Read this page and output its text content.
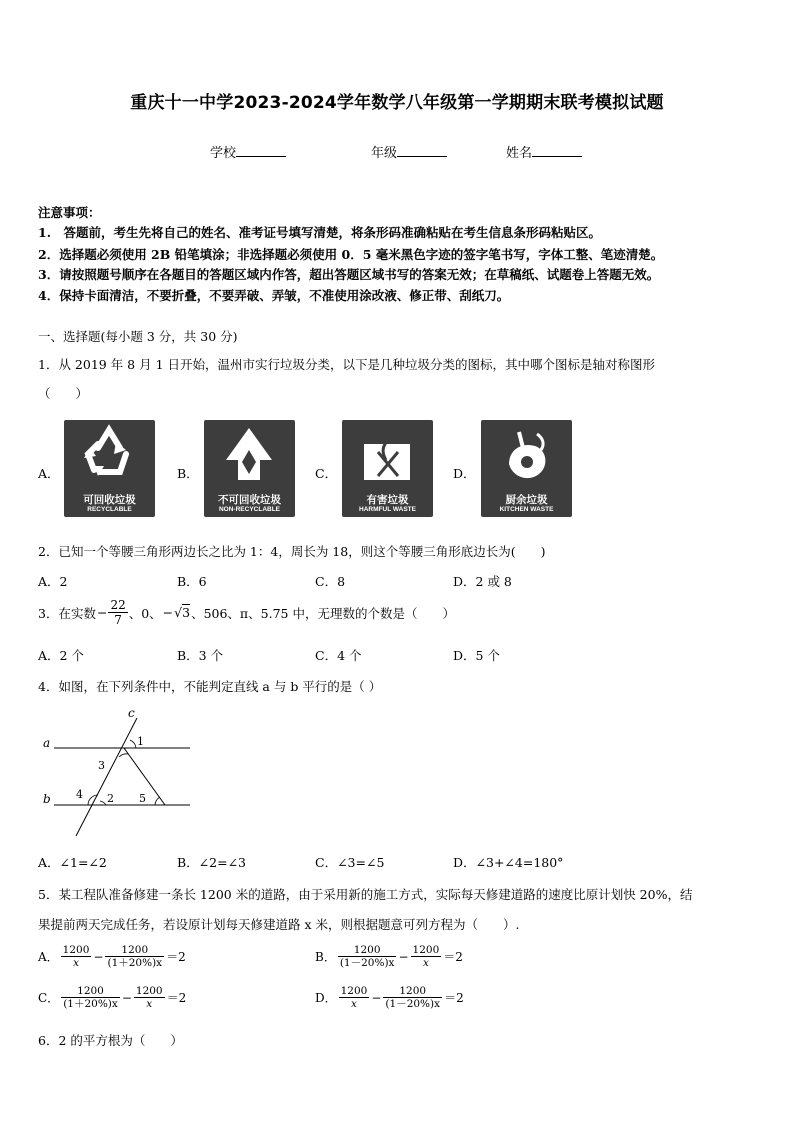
重庆十一中学2023-2024学年数学八年级第一学期期末联考模拟试题
学校	年级	姓名
注意事项：
1.　答题前，考生先将自己的姓名、准考证号填写清楚，将条形码准确粘贴在考生信息条形码粘贴区。
2．选择题必须使用 2B 铅笔填涂；非选择题必须使用 0．5 毫米黑色字迹的签字笔书写，字体工整、笔迹清楚。
3．请按照题号顺序在各题目的答题区域内作答，超出答题区域书写的答案无效；在草稿纸、试题卷上答题无效。
4．保持卡面清洁，不要折叠，不要弄破、弄皱，不准使用涂改液、修正带、刮纸刀。
一、选择题(每小题 3 分，共 30 分)
1．从 2019 年 8 月 1 日开始，温州市实行垃圾分类，以下是几种垃圾分类的图标，其中哪个图标是轴对称图形
（　　）
A．
可回收垃圾
RECYCLABLE
B．
不可回收垃圾
NON-RECYCLABLE
C．
有害垃圾
HARMFUL WASTE
D．
厨余垃圾
KITCHEN WASTE
2．已知一个等腰三角形两边长之比为 1：4，周长为 18，则这个等腰三角形底边长为(　　)
A．2	B．6	C．8	D．2 或 8
3．在实数 − $\frac{22}{7}$ 、0、 − √3 、506、π、5.75 中，无理数的个数是（　　）
A．2 个	B．3 个	C．4 个	D．5 个
4．如图，在下列条件中，不能判定直线 a 与 b 平行的是（ ）
a
b
c
1
2
3
4	5
A．∠1=∠2	B．∠2=∠3	C．∠3=∠5	D．∠3+∠4=180°
5．某工程队准备修建一条长 1200 米的道路，由于采用新的施工方式，实际每天修建道路的速度比原计划快 20%，结
果提前两天完成任务，若设原计划每天修建道路 x 米，则根据题意可列方程为（　　）.
A． $\frac{1200}{x} - \frac{1200}{(1+20\%)x} =2$	B． $\frac{1200}{(1-20\%)x} - \frac{1200}{x} =2$
C． $\frac{1200}{(1+20\%)x} - \frac{1200}{x} =2$	D． $\frac{1200}{x} - \frac{1200}{(1-20\%)x} =2$
6．2 的平方根为（　　）
